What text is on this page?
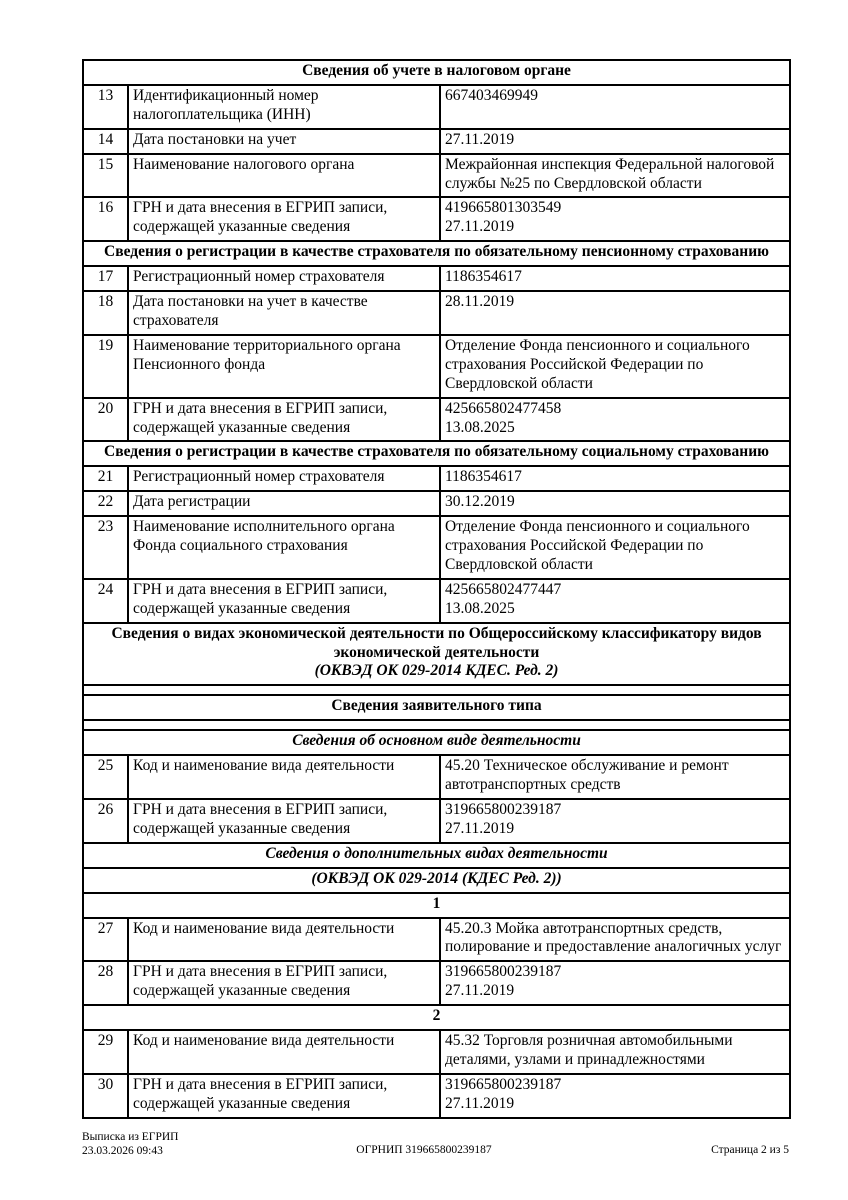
Сведения об учете в налоговом органе		

13	Идентификационный номер налогоплательщика (ИНН)	667403469949

14	Дата постановки на учет	27.11.2019

15	Наименование налогового органа	Межрайонная инспекция Федеральной налоговой службы №25 по Свердловской области

16	ГРН и дата внесения в ЕГРИП записи, содержащей указанные сведения	419665801303549
27.11.2019

Сведения о регистрации в качестве страхователя по обязательному пенсионному страхованию		

17	Регистрационный номер страхователя	1186354617

18	Дата постановки на учет в качестве страхователя	28.11.2019

19	Наименование территориального органа Пенсионного фонда	Отделение Фонда пенсионного и социального страхования Российской Федерации по Свердловской области

20	ГРН и дата внесения в ЕГРИП записи, содержащей указанные сведения	425665802477458
13.08.2025

Сведения о регистрации в качестве страхователя по обязательному социальному страхованию		

21	Регистрационный номер страхователя	1186354617

22	Дата регистрации	30.12.2019

23	Наименование исполнительного органа Фонда социального страхования	Отделение Фонда пенсионного и социального страхования Российской Федерации по Свердловской области

24	ГРН и дата внесения в ЕГРИП записи, содержащей указанные сведения	425665802477447
13.08.2025

Сведения о видах экономической деятельности по Общероссийскому классификатору видов экономической деятельности
(ОКВЭД ОК 029-2014 КДЕС. Ред. 2)		

Сведения заявительного типа		

Сведения об основном виде деятельности		

25	Код и наименование вида деятельности	45.20 Техническое обслуживание и ремонт автотранспортных средств

26	ГРН и дата внесения в ЕГРИП записи, содержащей указанные сведения	319665800239187
27.11.2019

Сведения о дополнительных видах деятельности		

(ОКВЭД ОК 029-2014 (КДЕС Ред. 2))		

1		

27	Код и наименование вида деятельности	45.20.3 Мойка автотранспортных средств, полирование и предоставление аналогичных услуг

28	ГРН и дата внесения в ЕГРИП записи, содержащей указанные сведения	319665800239187
27.11.2019

2		

29	Код и наименование вида деятельности	45.32 Торговля розничная автомобильными деталями, узлами и принадлежностями

30	ГРН и дата внесения в ЕГРИП записи, содержащей указанные сведения	319665800239187
27.11.2019
Выписка из ЕГРИП
23.03.2026 09:43	ОГРНИП 319665800239187	Страница 2 из 5
